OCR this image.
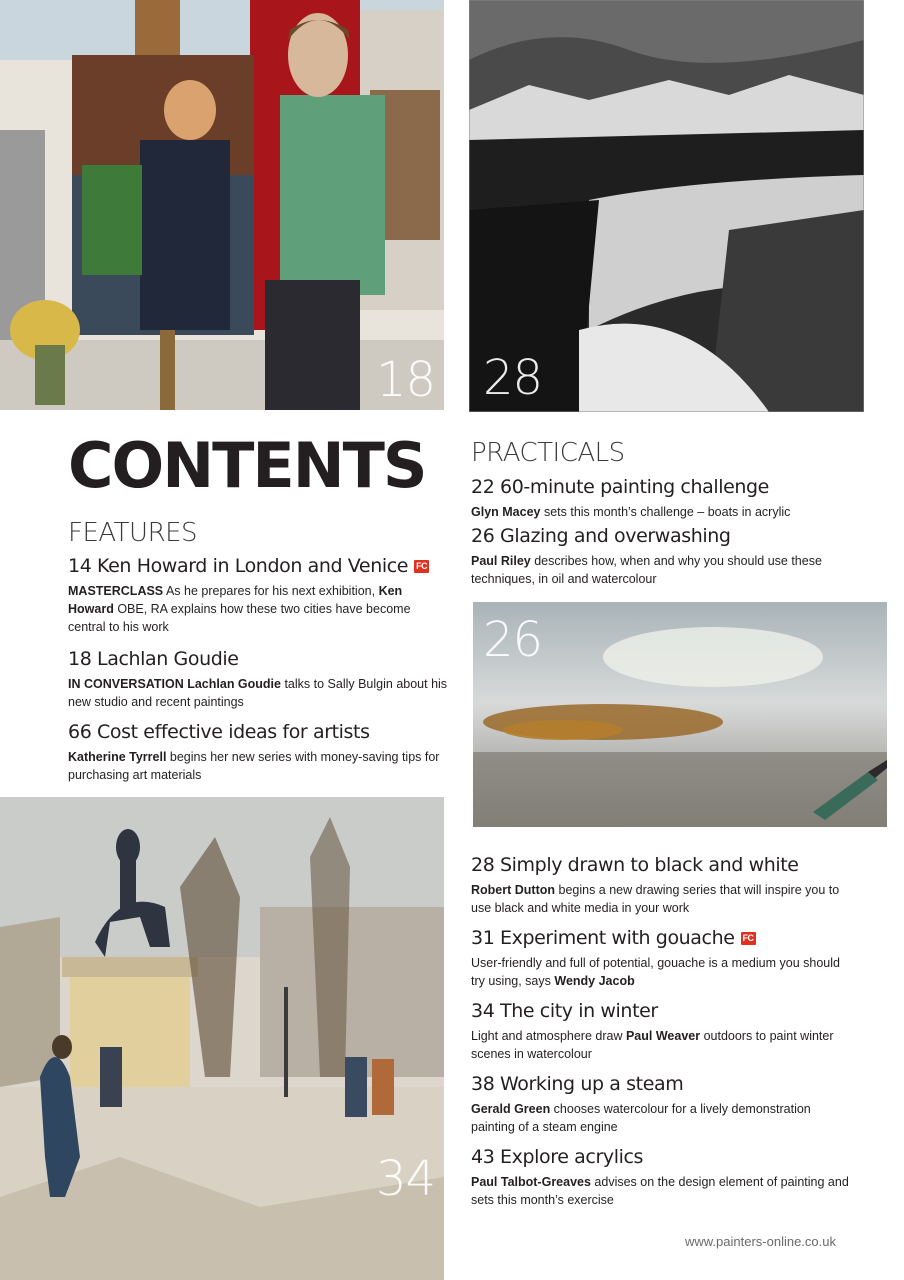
18 28
26
34
CONTENTS
FEATURES
14 Ken Howard in London and Venice FC
MASTERCLASS As he prepares for his next exhibition, Ken Howard OBE, RA explains how these two cities have become central to his work
18 Lachlan Goudie
IN CONVERSATION Lachlan Goudie talks to Sally Bulgin about his new studio and recent paintings
66 Cost effective ideas for artists
Katherine Tyrrell begins her new series with money-saving tips for purchasing art materials
PRACTICALS
22 60-minute painting challenge
Glyn Macey sets this month’s challenge – boats in acrylic
26 Glazing and overwashing
Paul Riley describes how, when and why you should use these techniques, in oil and watercolour
28 Simply drawn to black and white
Robert Dutton begins a new drawing series that will inspire you to use black and white media in your work
31 Experiment with gouache FC
User-friendly and full of potential, gouache is a medium you should try using, says Wendy Jacob
34 The city in winter
Light and atmosphere draw Paul Weaver outdoors to paint winter scenes in watercolour
38 Working up a steam
Gerald Green chooses watercolour for a lively demonstration painting of a steam engine
43 Explore acrylics
Paul Talbot-Greaves advises on the design element of painting and sets this month’s exercise
www.painters-online.co.uk
